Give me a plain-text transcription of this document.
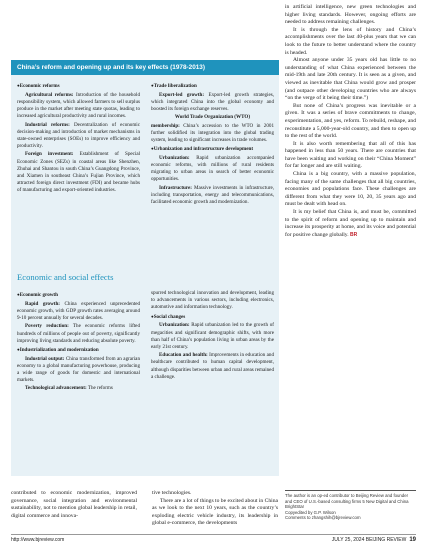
China’s reform and opening up and its key effects (1978-2013)

● Economic reforms

Agricultural reforms: Introduction of the household responsibility system, which allowed farmers to sell surplus produce in the market after meeting state quotas, leading to increased agricultural productivity and rural incomes.

Industrial reforms: Decentralization of economic decision-making and introduction of market mechanisms in state-owned enterprises (SOEs) to improve efficiency and productivity.

Foreign investment: Establishment of Special Economic Zones (SEZs) in coastal areas like Shenzhen, Zhuhai and Shantou in south China’s Guangdong Province, and Xiamen in southeast China’s Fujian Province, which attracted foreign direct investment (FDI) and became hubs of manufacturing and export-oriented industries.

● Trade liberalization

Export-led growth: Export-led growth strategies, which integrated China into the global economy and boosted its foreign exchange reserves.

World Trade Organization (WTO)

membership: China’s accession to the WTO in 2001 further solidified its integration into the global trading system, leading to significant increases in trade volumes.

● Urbanization and infrastructure development

Urbanization: Rapid urbanization accompanied economic reforms, with millions of rural residents migrating to urban areas in search of better economic opportunities.

Infrastructure: Massive investments in infrastructure, including transportation, energy and telecommunications, facilitated economic growth and modernization.

Economic and social effects

● Economic growth

Rapid growth: China experienced unprecedented economic growth, with GDP growth rates averaging around 9-10 percent annually for several decades.

Poverty reduction: The economic reforms lifted hundreds of millions of people out of poverty, significantly improving living standards and reducing absolute poverty.

● Industrialization and modernization

Industrial output: China transformed from an agrarian economy to a global manufacturing powerhouse, producing a wide range of goods for domestic and international markets.

Technological advancement: The reforms

spurred technological innovation and development, leading to advancements in various sectors, including electronics, automotive and information technology.

● Social changes

Urbanization: Rapid urbanization led to the growth of megacities and significant demographic shifts, with more than half of China’s population living in urban areas by the early 21st century.

Education and health: Improvements in education and healthcare contributed to human capital development, although disparities between urban and rural areas remained a challenge.

in artificial intelligence, new green technologies and higher living standards. However, ongoing efforts are needed to address remaining challenges.

It is through the lens of history and China’s accomplishments over the last 40-plus years that we can look to the future to better understand where the country is headed.

Almost anyone under 35 years old has little to no understanding of what China experienced between the mid-19th and late 20th century. It is seen as a given, and viewed as inevitable that China would grow and prosper (and outpace other developing countries who are always “on the verge of it being their time.”)

But none of China’s progress was inevitable or a given. It was a series of brave commitments to change, experimentation, and yes, reform. To rebuild, reshape, and reconstitute a 5,000-year-old country, and then to open up to the rest of the world.

It is also worth remembering that all of this has happened in less than 50 years. There are countries that have been waiting and working on their “China Moment” for far longer and are still waiting.

China is a big country, with a massive population, facing many of the same challenges that all big countries, economies and populations face. These challenges are different from what they were 10, 20, 35 years ago and must be dealt with head on.

It is my belief that China is, and must be, committed to the spirit of reform and opening up to maintain and increase its prosperity at home, and its voice and potential for positive change globally. BR

contributed to economic modernization, improved governance, social integration and environmental sustainability, not to mention global leadership in retail, digital commerce and innova-

tive technologies.

There are a lot of things to be excited about in China as we look to the next 10 years, such as the country’s exploding electric vehicle industry, its leadership in global e-commerce, the developments

The author is an op-ed contributor to Beijing Review and founder and CEO of U.S.-based consulting firms 5 New Digital and China BrightStar
Copyedited by G.P. Wilson
Comments to zhangshih@bjreview.com
http://www.bjreview.com	JULY 25, 2024 BEIJING REVIEW 19
